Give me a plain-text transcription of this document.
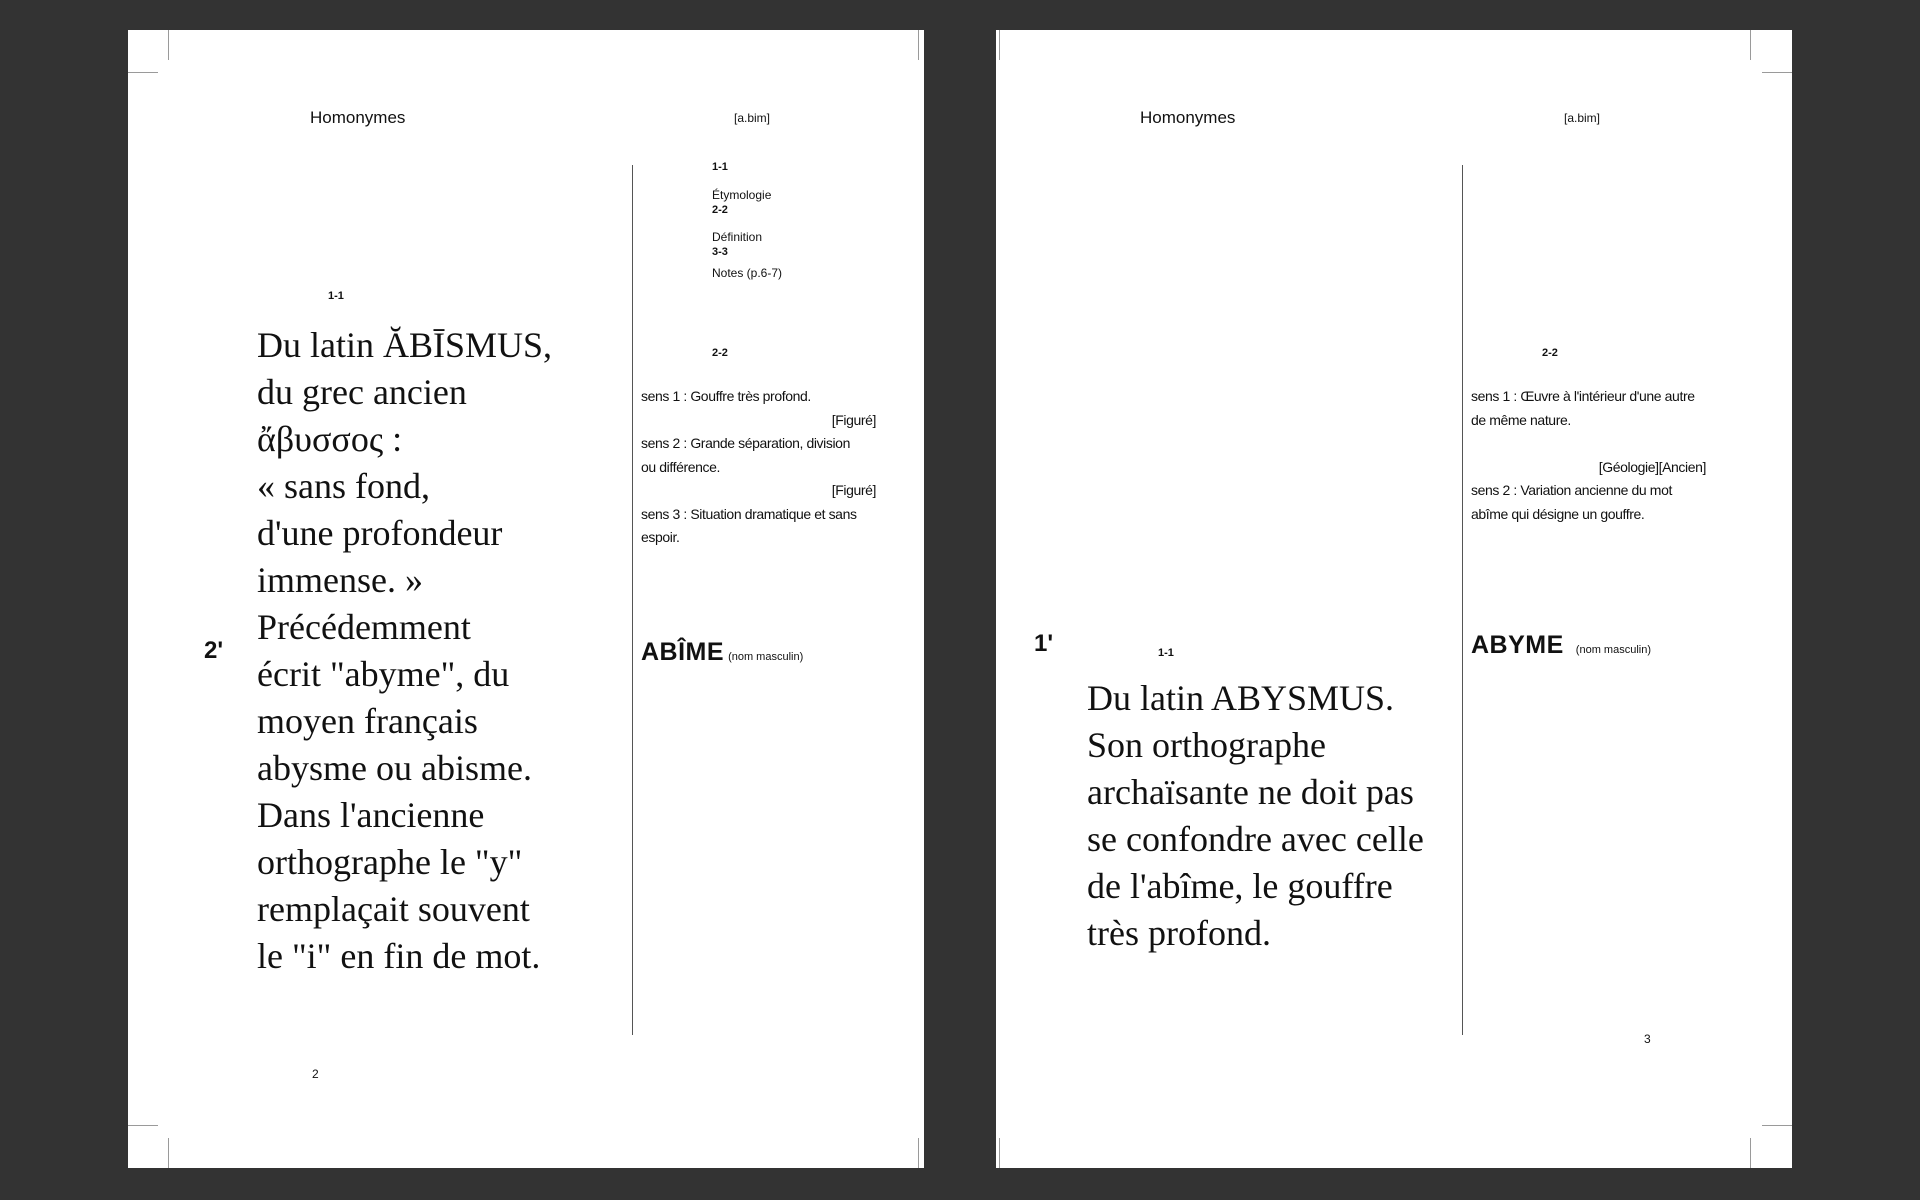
Homonymes	[a.bim]
1-1
Étymologie
2-2
Définition
3-3
Notes (p.6-7)
1-1
2'
Du latin ĂBĪSMUS,
du grec ancien
ἄβυσσος :
« sans fond,
d'une profondeur
immense. »
Précédemment
écrit "abyme", du
moyen français
abysme ou abisme.
Dans l'ancienne
orthographe le "y"
remplaçait souvent
le "i" en fin de mot.
2-2
sens 1 : Gouffre très profond.
[Figuré]
sens 2 : Grande séparation, division
ou différence.
[Figuré]
sens 3 : Situation dramatique et sans
espoir.
ABÎME (nom masculin)
2
Homonymes	[a.bim]
2-2
sens 1 : Œuvre à l'intérieur d'une autre
de même nature.
[Géologie][Ancien]
sens 2 : Variation ancienne du mot
abîme qui désigne un gouffre.
ABYME (nom masculin)
1'	1-1
Du latin ABYSMUS.
Son orthographe
archaïsante ne doit pas
se confondre avec celle
de l'abîme, le gouffre
très profond.
3
